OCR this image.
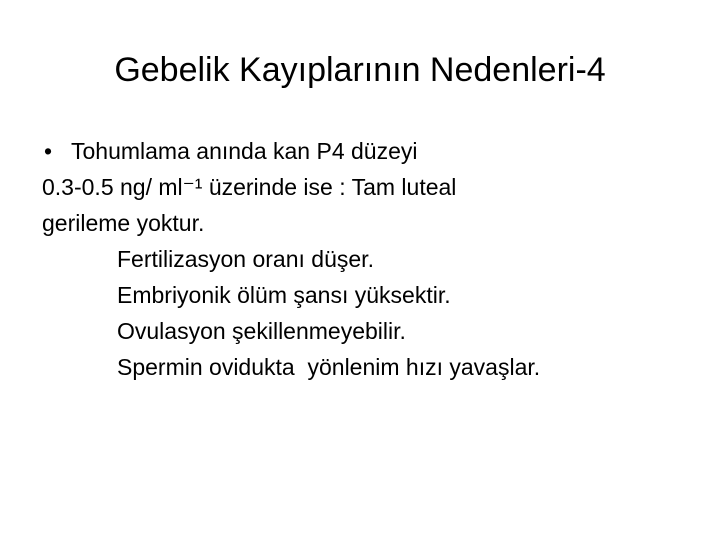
Gebelik Kayıplarının Nedenleri-4
• Tohumlama anında kan P4 düzeyi
0.3-0.5 ng/ ml⁻¹ üzerinde ise : Tam luteal
gerileme yoktur.
Fertilizasyon oranı düşer.
Embriyonik ölüm şansı yüksektir.
Ovulasyon şekillenmeyebilir.
Spermin ovidukta  yönlenim hızı yavaşlar.
